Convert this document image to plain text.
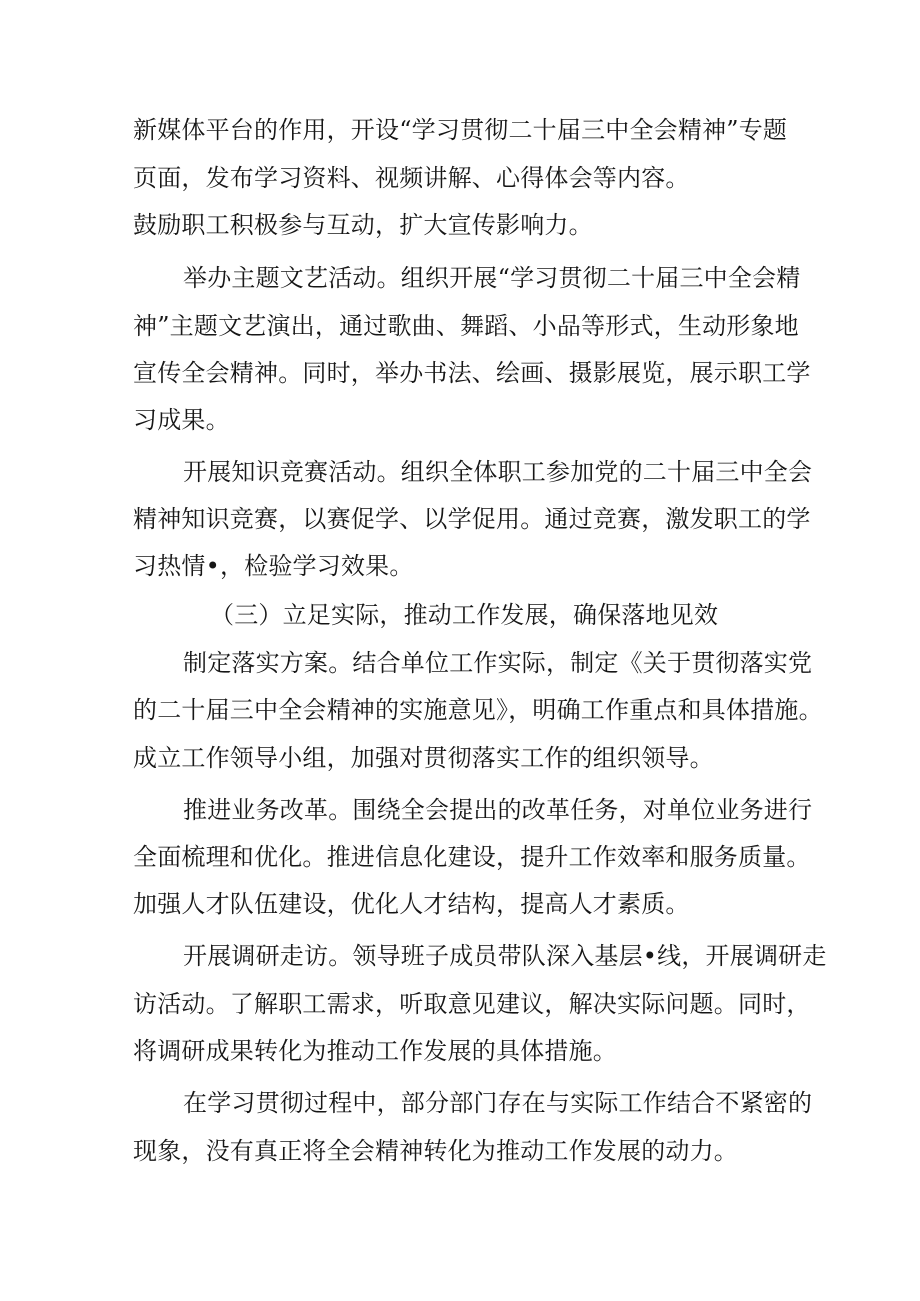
新媒体平台的作用，开设“学习贯彻二十届三中全会精神”专题
页面，发布学习资料、视频讲解、心得体会等内容。
鼓励职工积极参与互动，扩大宣传影响力。
举办主题文艺活动。组织开展“学习贯彻二十届三中全会精
神”主题文艺演出，通过歌曲、舞蹈、小品等形式，生动形象地
宣传全会精神。同时，举办书法、绘画、摄影展览，展示职工学
习成果。
开展知识竞赛活动。组织全体职工参加党的二十届三中全会
精神知识竞赛，以赛促学、以学促用。通过竞赛，激发职工的学
习热情•，检验学习效果。
（三）立足实际，推动工作发展，确保落地见效
制定落实方案。结合单位工作实际，制定《关于贯彻落实党
的二十届三中全会精神的实施意见》，明确工作重点和具体措施。
成立工作领导小组，加强对贯彻落实工作的组织领导。
推进业务改革。围绕全会提出的改革任务，对单位业务进行
全面梳理和优化。推进信息化建设，提升工作效率和服务质量。
加强人才队伍建设，优化人才结构，提高人才素质。
开展调研走访。领导班子成员带队深入基层•线，开展调研走
访活动。了解职工需求，听取意见建议，解决实际问题。同时，
将调研成果转化为推动工作发展的具体措施。
在学习贯彻过程中，部分部门存在与实际工作结合不紧密的
现象，没有真正将全会精神转化为推动工作发展的动力。
